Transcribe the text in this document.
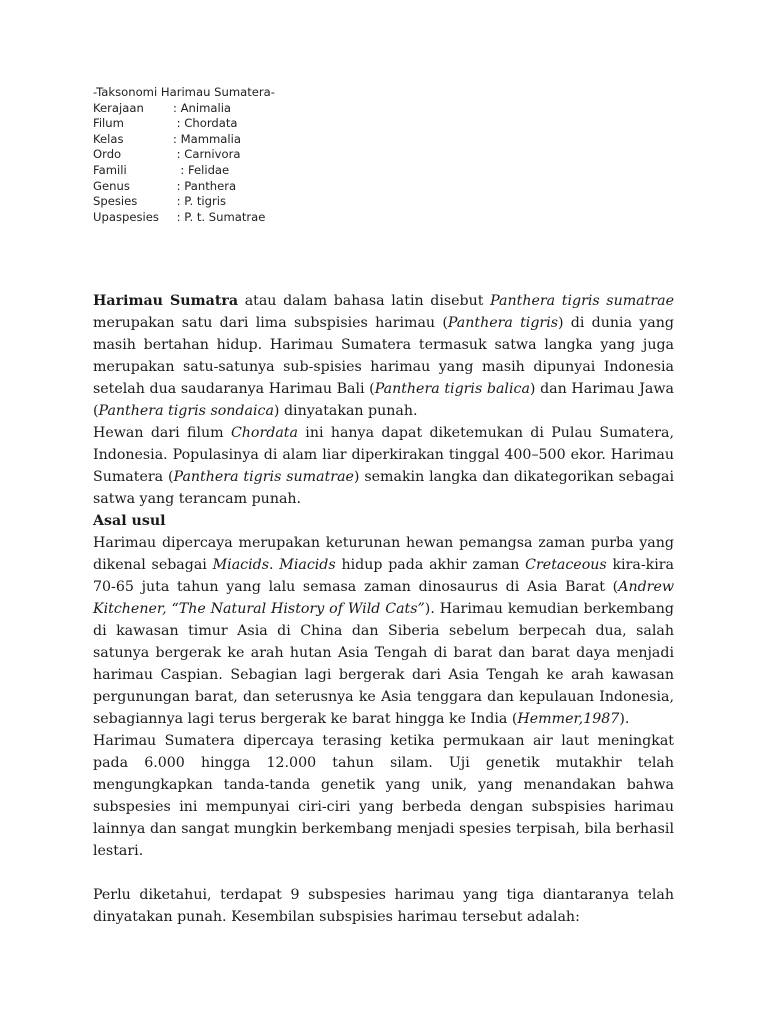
-Taksonomi Harimau Sumatera-
Kerajaan	: Animalia
Filum	: Chordata
Kelas	: Mammalia
Ordo	: Carnivora
Famili	: Felidae
Genus	: Panthera
Spesies	: P. tigris
Upaspesies	: P. t. Sumatrae

Harimau Sumatra atau dalam bahasa latin disebut Panthera tigris sumatrae merupakan satu dari lima subspisies harimau (Panthera tigris) di dunia yang masih bertahan hidup. Harimau Sumatera termasuk satwa langka yang juga merupakan satu-satunya sub-spisies harimau yang masih dipunyai Indonesia setelah dua saudaranya Harimau Bali (Panthera tigris balica) dan Harimau Jawa (Panthera tigris sondaica) dinyatakan punah.

Hewan dari filum Chordata ini hanya dapat diketemukan di Pulau Sumatera, Indonesia. Populasinya di alam liar diperkirakan tinggal 400–500 ekor. Harimau Sumatera (Panthera tigris sumatrae) semakin langka dan dikategorikan sebagai satwa yang terancam punah.

Asal usul

Harimau dipercaya merupakan keturunan hewan pemangsa zaman purba yang dikenal sebagai Miacids. Miacids hidup pada akhir zaman Cretaceous kira-kira 70-65 juta tahun yang lalu semasa zaman dinosaurus di Asia Barat (Andrew Kitchener, “The Natural History of Wild Cats”). Harimau kemudian berkembang di kawasan timur Asia di China dan Siberia sebelum berpecah dua, salah satunya bergerak ke arah hutan Asia Tengah di barat dan barat daya menjadi harimau Caspian. Sebagian lagi bergerak dari Asia Tengah ke arah kawasan pergunungan barat, dan seterusnya ke Asia tenggara dan kepulauan Indonesia, sebagiannya lagi terus bergerak ke barat hingga ke India (Hemmer,1987).

Harimau Sumatera dipercaya terasing ketika permukaan air laut meningkat pada 6.000 hingga 12.000 tahun silam. Uji genetik mutakhir telah mengungkapkan tanda-tanda genetik yang unik, yang menandakan bahwa subspesies ini mempunyai ciri-ciri yang berbeda dengan subspisies harimau lainnya dan sangat mungkin berkembang menjadi spesies terpisah, bila berhasil lestari.

Perlu diketahui, terdapat 9 subspesies harimau yang tiga diantaranya telah dinyatakan punah. Kesembilan subspisies harimau tersebut adalah:
